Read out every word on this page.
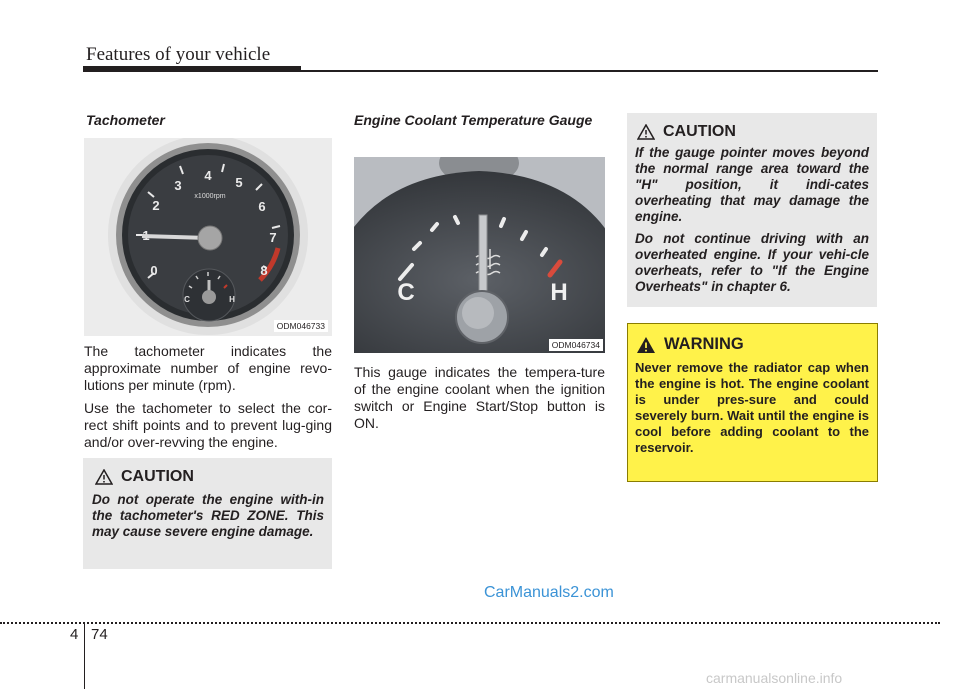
Features of your vehicle
Tachometer
0
2
3
4 5
6
7
8
x1000rpm
C	H
ODM046733

The tachometer indicates the approximate number of engine revo-lutions per minute (rpm).

Use the tachometer to select the cor-rect shift points and to prevent lug-ging and/or over-revving the engine.

CAUTION
Do not operate the engine with-in the tachometer's RED ZONE. This may cause severe engine damage.
Engine Coolant Temperature Gauge
C	H
ODM046734
This gauge indicates the tempera-ture of the engine coolant when the ignition switch or Engine Start/Stop button is ON.
CAUTION

If the gauge pointer moves beyond the normal range area toward the "H" position, it indi-cates overheating that may damage the engine.

Do not continue driving with an overheated engine. If your vehi-cle overheats, refer to "If the Engine Overheats" in chapter 6.

WARNING
Never remove the radiator cap when the engine is hot. The engine coolant is under pres-sure and could severely burn. Wait until the engine is cool before adding coolant to the reservoir.
CarManuals2.com
4 74
carmanualsonline.info
